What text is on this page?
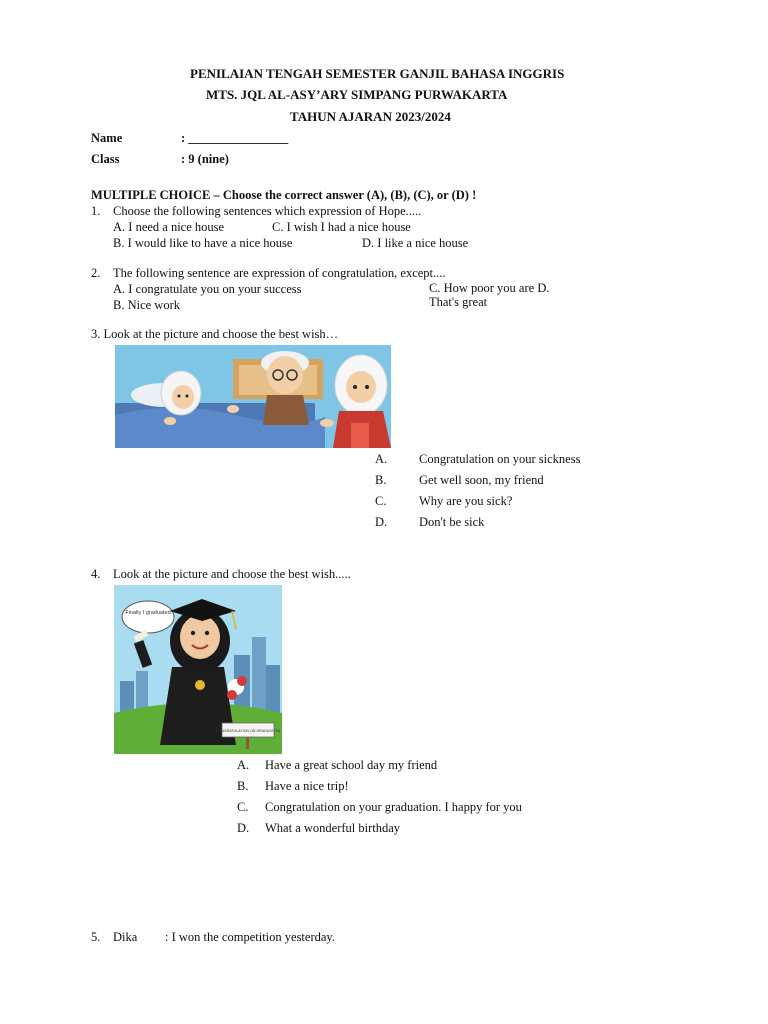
PENILAIAN TENGAH SEMESTER GANJIL BAHASA INGGRIS
MTS. JQL AL-ASY’ARY SIMPANG PURWAKARTA
TAHUN AJARAN 2023/2024
Name	: ________________
Class	: 9 (nine)
MULTIPLE CHOICE – Choose the correct answer (A), (B), (C), or (D) !
1. Choose the following sentences which expression of Hope.....
A. I need a nice house	C. I wish I had a nice house
B. I would like to have a nice house	D. I like a nice house
2. The following sentence are expression of congratulation, except....
A. I congratulate you on your success	C. How poor you are D.
B. Nice work	That's great
3. Look at the picture and choose the best wish…
A.	Congratulation on your sickness
B.	Get well soon, my friend
C.	Why are you sick?
D.	Don't be sick
4. Look at the picture and choose the best wish.....
Finally I graduated
CONGRATULATION ON GRADUATION
A. Have a great school day my friend
B. Have a nice trip!
C. Congratulation on your graduation. I happy for you
D. What a wonderful birthday
5. Dika : I won the competition yesterday.
